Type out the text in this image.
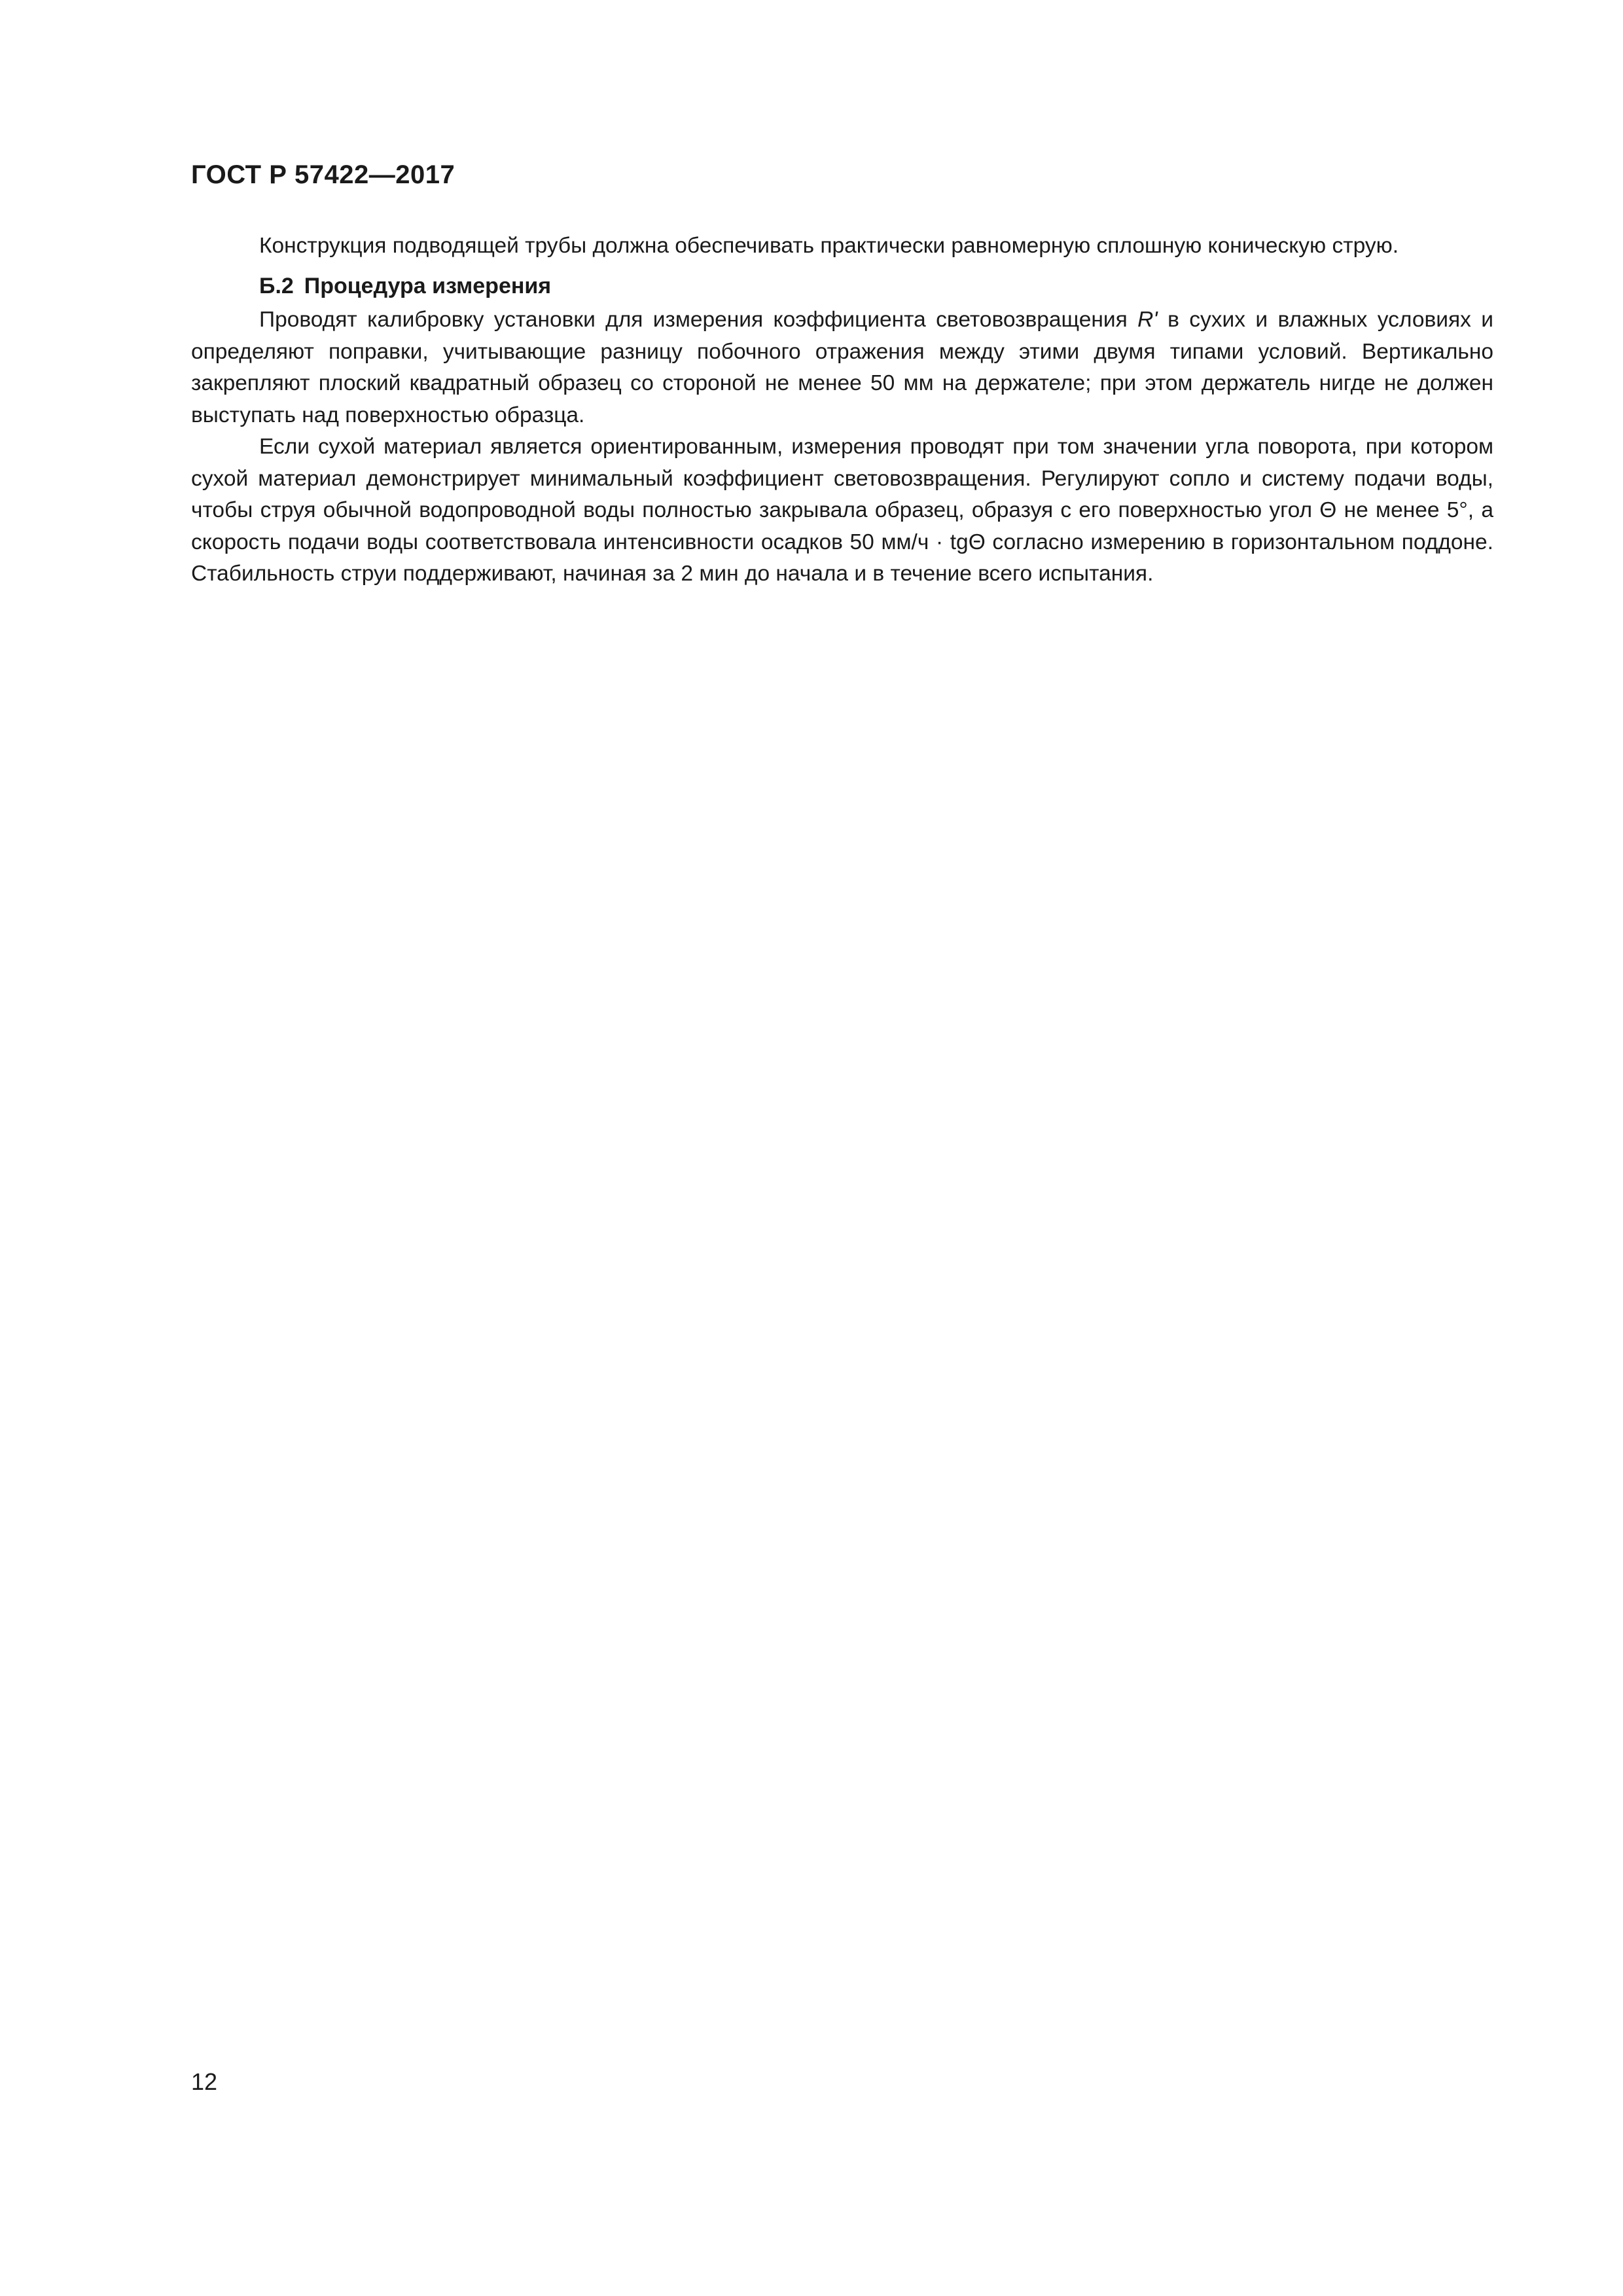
ГОСТ Р 57422—2017

Конструкция подводящей трубы должна обеспечивать практически равномерную сплошную коническую струю.

Б.2 Процедура измерения

Проводят калибровку установки для измерения коэффициента световозвращения R' в сухих и влажных условиях и определяют поправки, учитывающие разницу побочного отражения между этими двумя типами условий. Вертикально закрепляют плоский квадратный образец со стороной не менее 50 мм на держателе; при этом держатель нигде не должен выступать над поверхностью образца.

Если сухой материал является ориентированным, измерения проводят при том значении угла поворота, при котором сухой материал демонстрирует минимальный коэффициент световозвращения. Регулируют сопло и систему подачи воды, чтобы струя обычной водопроводной воды полностью закрывала образец, образуя с его поверхностью угол Θ не менее 5°, а скорость подачи воды соответствовала интенсивности осадков 50 мм/ч · tgΘ согласно измерению в горизонтальном поддоне. Стабильность струи поддерживают, начиная за 2 мин до начала и в течение всего испытания.

12
